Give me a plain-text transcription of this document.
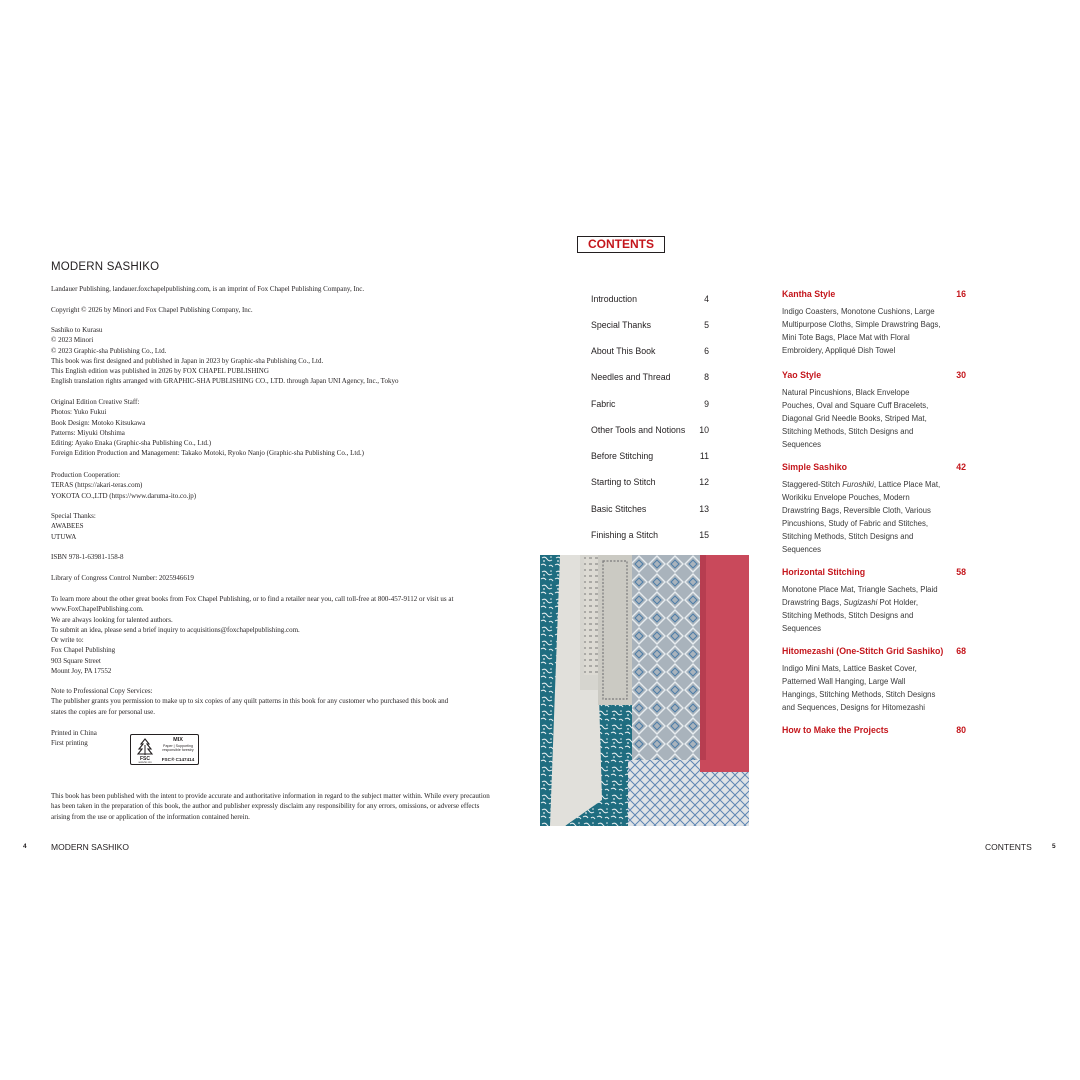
MODERN SASHIKO
Landauer Publishing, landauer.foxchapelpublishing.com, is an imprint of Fox Chapel Publishing Company, Inc.
Copyright © 2026 by Minori and Fox Chapel Publishing Company, Inc.
Sashiko to Kurasu
© 2023 Minori
© 2023 Graphic-sha Publishing Co., Ltd.
This book was first designed and published in Japan in 2023 by Graphic-sha Publishing Co., Ltd.
This English edition was published in 2026 by FOX CHAPEL PUBLISHING
English translation rights arranged with GRAPHIC-SHA PUBLISHING CO., LTD. through Japan UNI Agency, Inc., Tokyo
Original Edition Creative Staff:
Photos: Yuko Fukui
Book Design: Motoko Kitsukawa
Patterns: Miyuki Ohshima
Editing: Ayako Enaka (Graphic-sha Publishing Co., Ltd.)
Foreign Edition Production and Management: Takako Motoki, Ryoko Nanjo (Graphic-sha Publishing Co., Ltd.)
Production Cooperation:
TERAS (https://akari-teras.com)
YOKOTA CO.,LTD (https://www.daruma-ito.co.jp)
Special Thanks:
AWABEES
UTUWA
ISBN 978-1-63981-158-8
Library of Congress Control Number: 2025946619
To learn more about the other great books from Fox Chapel Publishing, or to find a retailer near you, call toll-free at 800-457-9112 or visit us at
www.FoxChapelPublishing.com.
We are always looking for talented authors.
To submit an idea, please send a brief inquiry to acquisitions@foxchapelpublishing.com.
Or write to:
Fox Chapel Publishing
903 Square Street
Mount Joy, PA 17552
Note to Professional Copy Services:
The publisher grants you permission to make up to six copies of any quilt patterns in this book for any customer who purchased this book and
states the copies are for personal use.
Printed in China
First printing
FSC
www.fsc.org
MIX
Paper | Supporting
responsible forestry
FSC® C147414
This book has been published with the intent to provide accurate and authoritative information in regard to the subject matter within. While every precaution has been taken in the preparation of this book, the author and publisher expressly disclaim any responsibility for any errors, omissions, or adverse effects arising from the use or application of the information contained herein.
4	MODERN SASHIKO
CONTENTS
Introduction	4
Special Thanks	5
About This Book	6
Needles and Thread	8
Fabric	9
Other Tools and Notions 10
Before Stitching	11
Starting to Stitch	12
Basic Stitches	13
Finishing a Stitch	15
Kantha Style	16
Indigo Coasters, Monotone Cushions, Large Multipurpose Cloths, Simple Drawstring Bags, Mini Tote Bags, Place Mat with Floral Embroidery, Appliqué Dish Towel
Yao Style	30
Natural Pincushions, Black Envelope Pouches, Oval and Square Cuff Bracelets, Diagonal Grid Needle Books, Striped Mat, Stitching Methods, Stitch Designs and Sequences
Simple Sashiko	42
Staggered-Stitch Furoshiki, Lattice Place Mat, Worikiku Envelope Pouches, Modern Drawstring Bags, Reversible Cloth, Various Pincushions, Study of Fabric and Stitches, Stitching Methods, Stitch Designs and Sequences
Horizontal Stitching	58
Monotone Place Mat, Triangle Sachets, Plaid Drawstring Bags, Sugizashi Pot Holder, Stitching Methods, Stitch Designs and Sequences
Hitomezashi (One-Stitch Grid Sashiko) 68
Indigo Mini Mats, Lattice Basket Cover, Patterned Wall Hanging, Large Wall Hangings, Stitching Methods, Stitch Designs and Sequences, Designs for Hitomezashi
How to Make the Projects	80
CONTENTS	5
